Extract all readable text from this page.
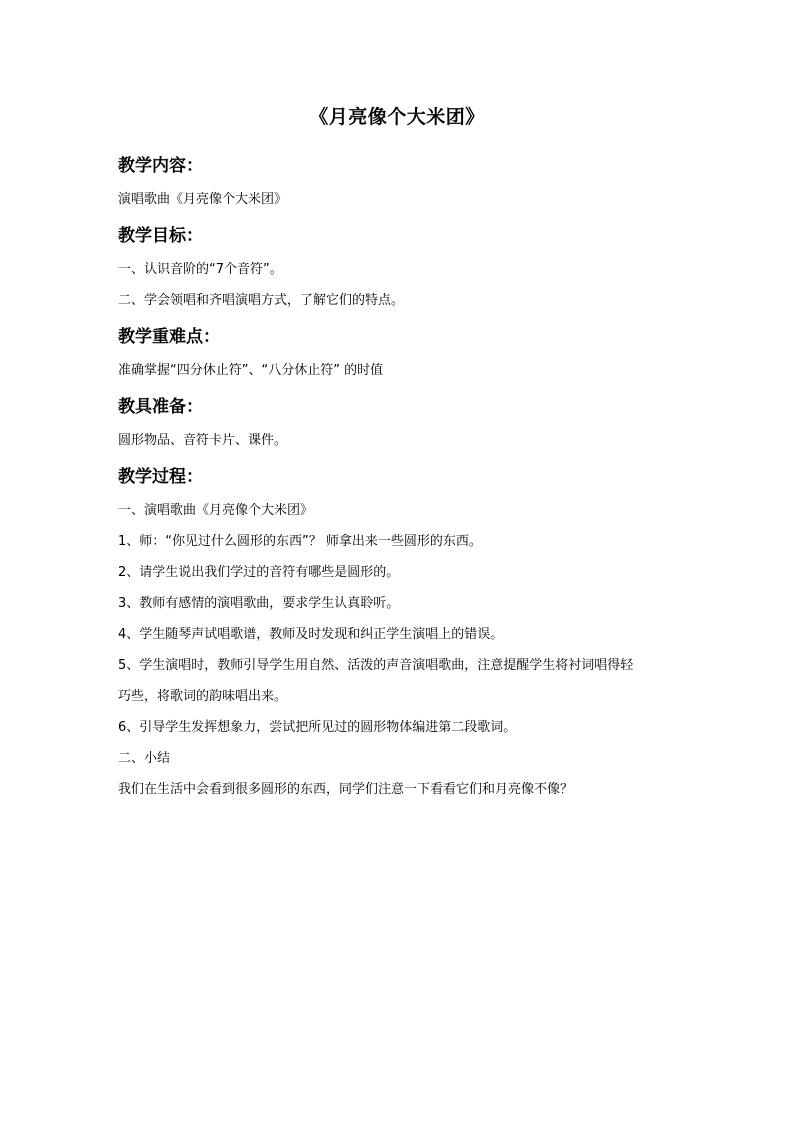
《月亮像个大米团》
教学内容：
演唱歌曲《月亮像个大米团》
教学目标：
一、认识音阶的“7个音符”。
二、学会领唱和齐唱演唱方式，了解它们的特点。
教学重难点：
准确掌握“四分休止符”、“八分休止符” 的时值
教具准备：
圆形物品、音符卡片、课件。
教学过程：
一、演唱歌曲《月亮像个大米团》
1、师：“你见过什么圆形的东西”？ 师拿出来一些圆形的东西。
2、请学生说出我们学过的音符有哪些是圆形的。
3、教师有感情的演唱歌曲，要求学生认真聆听。
4、学生随琴声试唱歌谱，教师及时发现和纠正学生演唱上的错误。
5、学生演唱时，教师引导学生用自然、活泼的声音演唱歌曲，注意提醒学生将衬词唱得轻
巧些，将歌词的韵味唱出来。
6、引导学生发挥想象力，尝试把所见过的圆形物体编进第二段歌词。
二、小结
我们在生活中会看到很多圆形的东西，同学们注意一下看看它们和月亮像不像？
